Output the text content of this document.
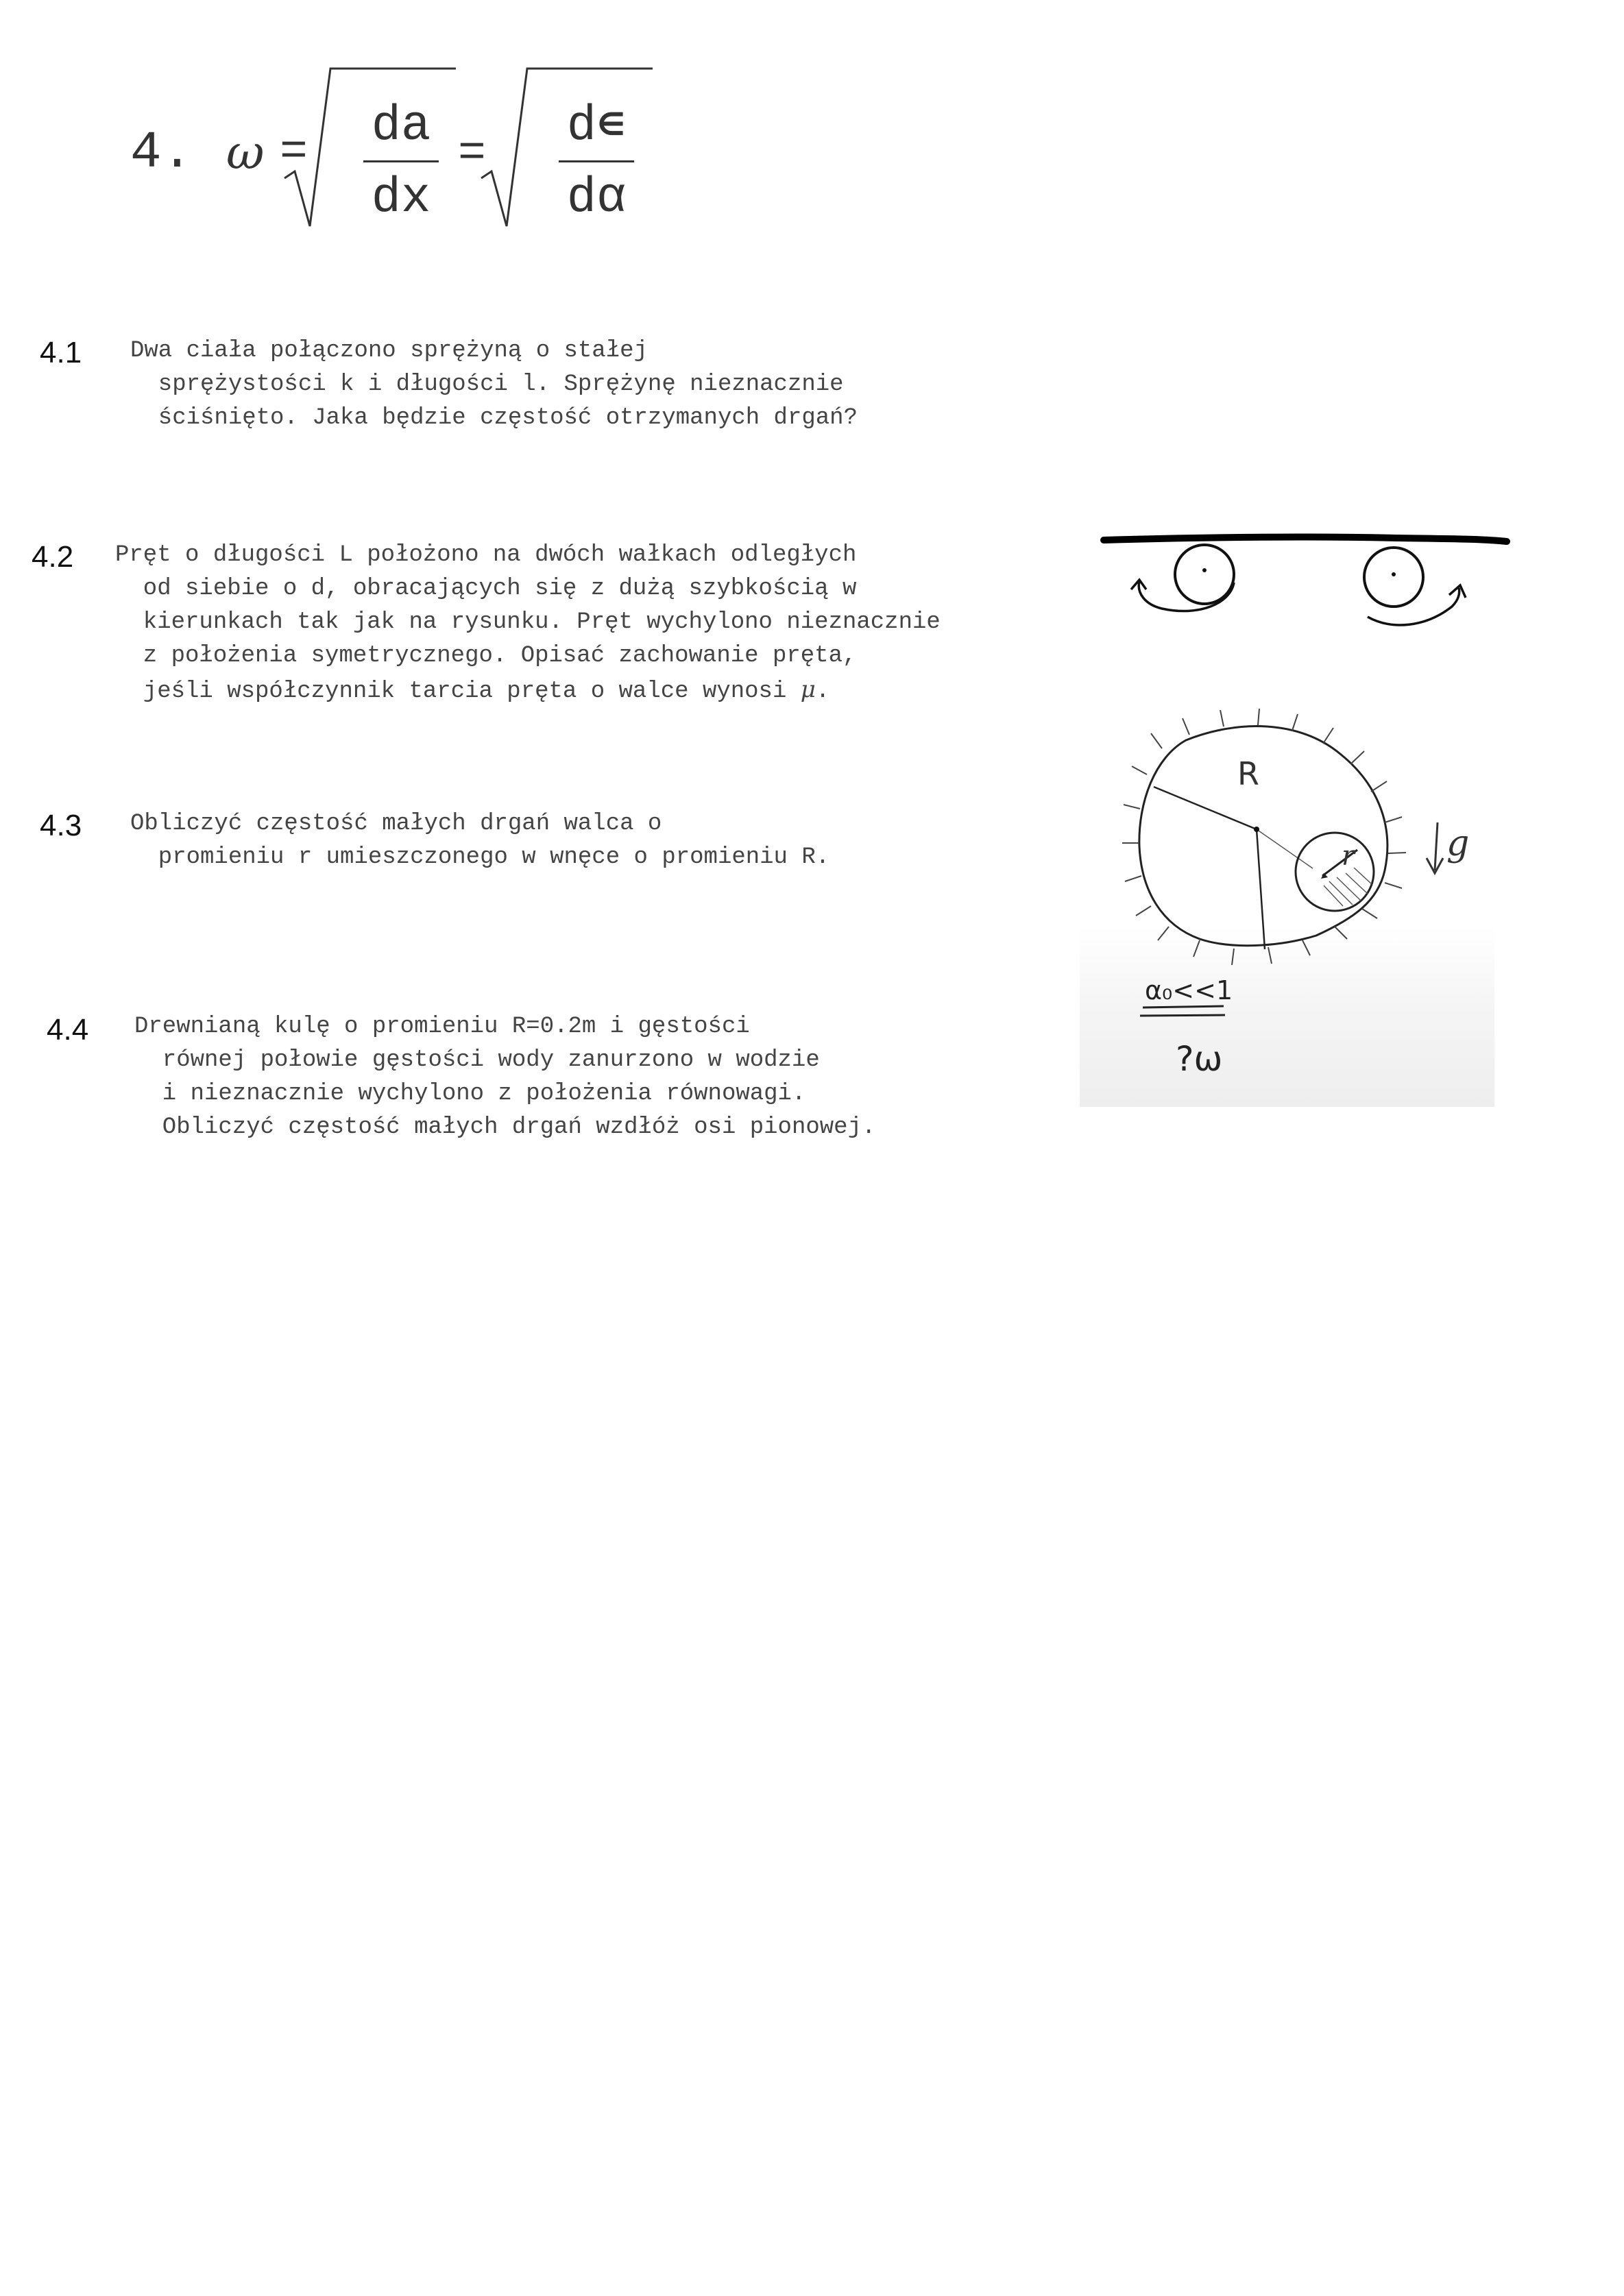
4. ω = da
dx
= d∊
dα
4.1 Dwa ciała połączono sprężyną o stałej
sprężystości k i długości l. Sprężynę nieznacznie
ściśnięto. Jaka będzie częstość otrzymanych drgań?
4.2 Pręt o długości L położono na dwóch wałkach odległych
od siebie o d, obracających się z dużą szybkością w
kierunkach tak jak na rysunku. Pręt wychylono nieznacznie
z położenia symetrycznego. Opisać zachowanie pręta,
jeśli współczynnik tarcia pręta o walce wynosi μ.
4.3 Obliczyć częstość małych drgań walca o
promieniu r umieszczonego w wnęce o promieniu R.
4.4 Drewnianą kulę o promieniu R=0.2m i gęstości
równej połowie gęstości wody zanurzono w wodzie
i nieznacznie wychylono z położenia równowagi.
Obliczyć częstość małych drgań wzdłóż osi pionowej.
R
r	g
α₀<<1
?ω
